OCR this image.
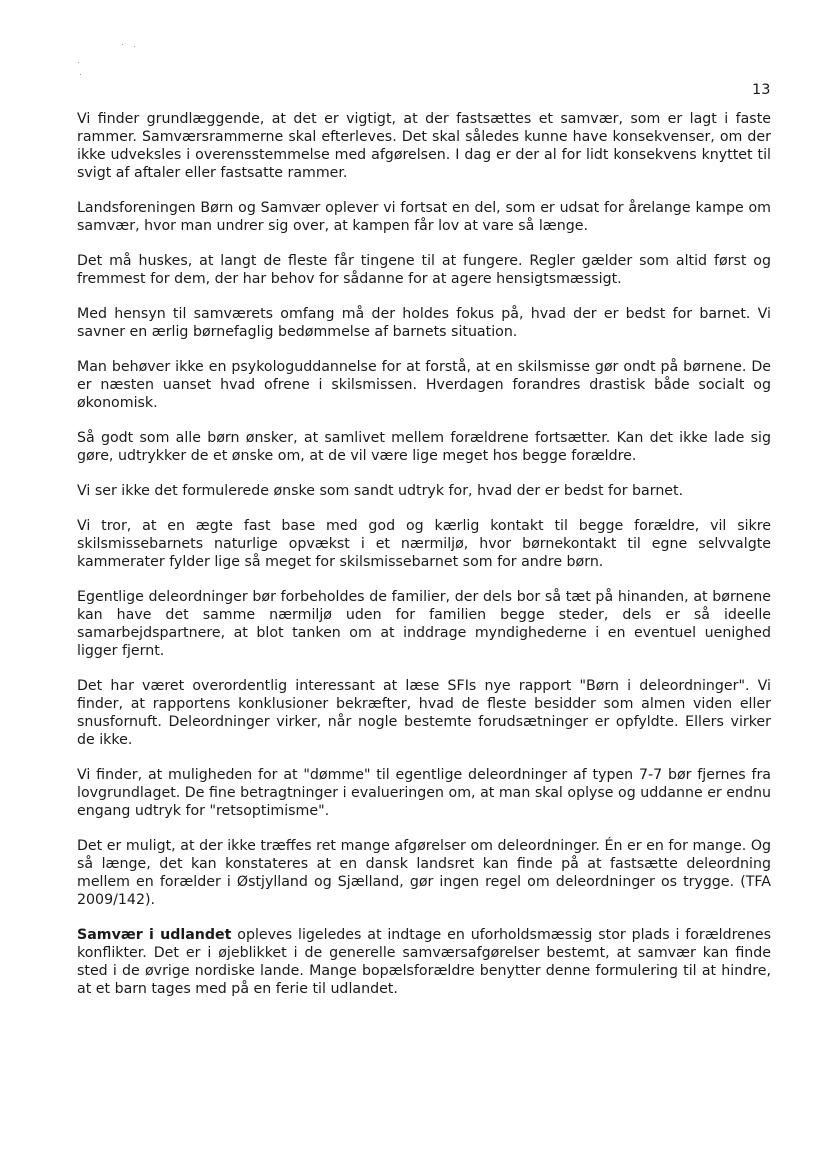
13

Vi finder grundlæggende, at det er vigtigt, at der fastsættes et samvær, som er lagt i faste rammer. Samværsrammerne skal efterleves. Det skal således kunne have konsekvenser, om der ikke udveksles i overensstemmelse med afgørelsen. I dag er der al for lidt konsekvens knyttet til svigt af aftaler eller fastsatte rammer.

Landsforeningen Børn og Samvær oplever vi fortsat en del, som er udsat for årelange kampe om samvær, hvor man undrer sig over, at kampen får lov at vare så længe.

Det må huskes, at langt de fleste får tingene til at fungere. Regler gælder som altid først og fremmest for dem, der har behov for sådanne for at agere hensigtsmæssigt.

Med hensyn til samværets omfang må der holdes fokus på, hvad der er bedst for barnet. Vi savner en ærlig børnefaglig bedømmelse af barnets situation.

Man behøver ikke en psykologuddannelse for at forstå, at en skilsmisse gør ondt på børnene. De er næsten uanset hvad ofrene i skilsmissen. Hverdagen forandres drastisk både socialt og økonomisk.

Så godt som alle børn ønsker, at samlivet mellem forældrene fortsætter. Kan det ikke lade sig gøre, udtrykker de et ønske om, at de vil være lige meget hos begge forældre.

Vi ser ikke det formulerede ønske som sandt udtryk for, hvad der er bedst for barnet.

Vi tror, at en ægte fast base med god og kærlig kontakt til begge forældre, vil sikre skilsmissebarnets naturlige opvækst i et nærmiljø, hvor børnekontakt til egne selvvalgte kammerater fylder lige så meget for skilsmissebarnet som for andre børn.

Egentlige deleordninger bør forbeholdes de familier, der dels bor så tæt på hinanden, at børnene kan have det samme nærmiljø uden for familien begge steder, dels er så ideelle samarbejdspartnere, at blot tanken om at inddrage myndighederne i en eventuel uenighed ligger fjernt.

Det har været overordentlig interessant at læse SFIs nye rapport "Børn i deleordninger". Vi finder, at rapportens konklusioner bekræfter, hvad de fleste besidder som almen viden eller snusfornuft. Deleordninger virker, når nogle bestemte forudsætninger er opfyldte. Ellers virker de ikke.

Vi finder, at muligheden for at "dømme" til egentlige deleordninger af typen 7-7 bør fjernes fra lovgrundlaget. De fine betragtninger i evalueringen om, at man skal oplyse og uddanne er endnu engang udtryk for "retsoptimisme".

Det er muligt, at der ikke træffes ret mange afgørelser om deleordninger. Én er en for mange. Og så længe, det kan konstateres at en dansk landsret kan finde på at fastsætte deleordning mellem en forælder i Østjylland og Sjælland, gør ingen regel om deleordninger os trygge. (TFA 2009/142).

Samvær i udlandet opleves ligeledes at indtage en uforholdsmæssig stor plads i forældrenes konflikter. Det er i øjeblikket i de generelle samværsafgørelser bestemt, at samvær kan finde sted i de øvrige nordiske lande. Mange bopælsforældre benytter denne formulering til at hindre, at et barn tages med på en ferie til udlandet.
